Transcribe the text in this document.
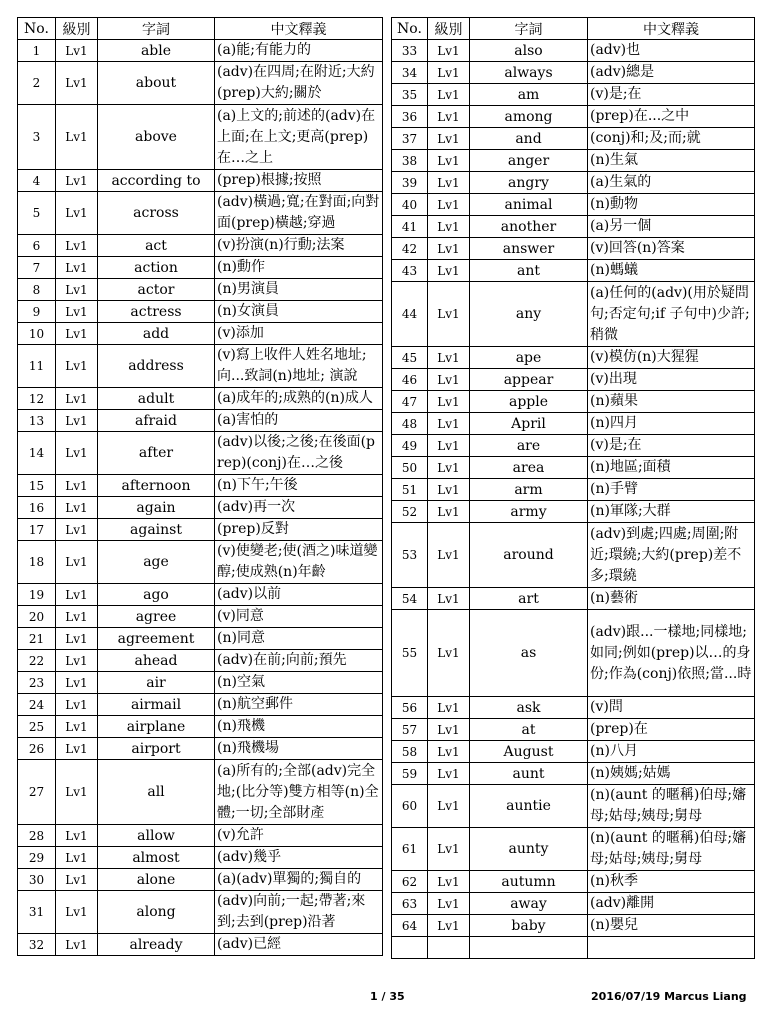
No.	級別	字詞	中文釋義
1	Lv1	able	(a)能;有能力的
2	Lv1	about	(adv)在四周;在附近;大約(prep)大約;關於
3	Lv1	above	(a)上文的;前述的(adv)在上面;在上文;更高(prep)在…之上
4	Lv1	according to	(prep)根據;按照
5	Lv1	across	(adv)橫過;寬;在對面;向對面(prep)橫越;穿過
6	Lv1	act	(v)扮演(n)行動;法案
7	Lv1	action	(n)動作
8	Lv1	actor	(n)男演員
9	Lv1	actress	(n)女演員
10	Lv1	add	(v)添加
11	Lv1	address	(v)寫上收件人姓名地址;向...致詞(n)地址; 演說
12	Lv1	adult	(a)成年的;成熟的(n)成人
13	Lv1	afraid	(a)害怕的
14	Lv1	after	(adv)以後;之後;在後面(prep)(conj)在…之後
15	Lv1	afternoon	(n)下午;午後
16	Lv1	again	(adv)再一次
17	Lv1	against	(prep)反對
18	Lv1	age	(v)使變老;使(酒之)味道變醇;使成熟(n)年齡
19	Lv1	ago	(adv)以前
20	Lv1	agree	(v)同意
21	Lv1	agreement	(n)同意
22	Lv1	ahead	(adv)在前;向前;預先
23	Lv1	air	(n)空氣
24	Lv1	airmail	(n)航空郵件
25	Lv1	airplane	(n)飛機
26	Lv1	airport	(n)飛機場
27	Lv1	all	(a)所有的;全部(adv)完全地;(比分等)雙方相等(n)全體;一切;全部財產
28	Lv1	allow	(v)允許
29	Lv1	almost	(adv)幾乎
30	Lv1	alone	(a)(adv)單獨的;獨自的
31	Lv1	along	(adv)向前;一起;帶著;來到;去到(prep)沿著
32	Lv1	already	(adv)已經
No.	級別	字詞	中文釋義
33	Lv1	also	(adv)也
34	Lv1	always	(adv)總是
35	Lv1	am	(v)是;在
36	Lv1	among	(prep)在...之中
37	Lv1	and	(conj)和;及;而;就
38	Lv1	anger	(n)生氣
39	Lv1	angry	(a)生氣的
40	Lv1	animal	(n)動物
41	Lv1	another	(a)另一個
42	Lv1	answer	(v)回答(n)答案
43	Lv1	ant	(n)螞蟻
44	Lv1	any	(a)任何的(adv)(用於疑問句;否定句;if 子句中)少許;稍微
45	Lv1	ape	(v)模仿(n)大猩猩
46	Lv1	appear	(v)出現
47	Lv1	apple	(n)蘋果
48	Lv1	April	(n)四月
49	Lv1	are	(v)是;在
50	Lv1	area	(n)地區;面積
51	Lv1	arm	(n)手臂
52	Lv1	army	(n)軍隊;大群
53	Lv1	around	(adv)到處;四處;周圍;附近;環繞;大約(prep)差不多;環繞
54	Lv1	art	(n)藝術
55	Lv1	as	(adv)跟...一樣地;同樣地;如同;例如(prep)以…的身份;作為(conj)依照;當...時
56	Lv1	ask	(v)問
57	Lv1	at	(prep)在
58	Lv1	August	(n)八月
59	Lv1	aunt	(n)姨媽;姑媽
60	Lv1	auntie	(n)(aunt 的暱稱)伯母;嬸母;姑母;姨母;舅母
61	Lv1	aunty	(n)(aunt 的暱稱)伯母;嬸母;姑母;姨母;舅母
62	Lv1	autumn	(n)秋季
63	Lv1	away	(adv)離開
64	Lv1	baby	(n)嬰兒

1 / 35	2016/07/19 Marcus Liang
